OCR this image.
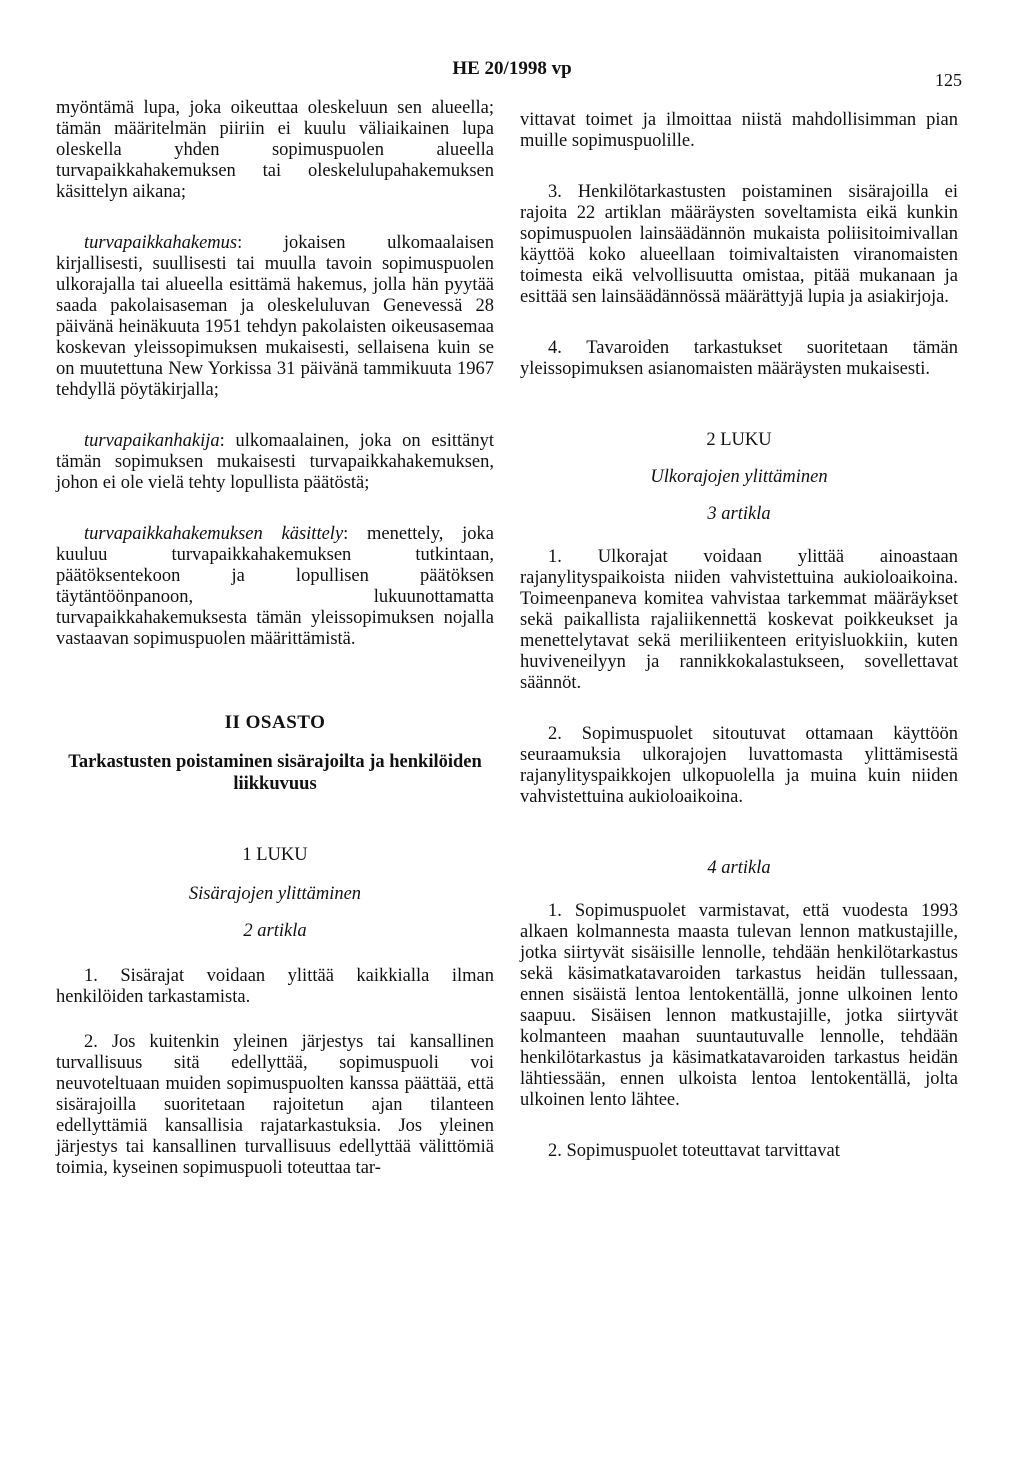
HE 20/1998 vp
125

myöntämä lupa, joka oikeuttaa oleskeluun sen alueella; tämän määritelmän piiriin ei kuulu väliaikainen lupa oleskella yhden sopimuspuolen alueella turvapaikkahakemuksen tai oleskelulupahakemuksen käsittelyn aikana;

turvapaikkahakemus: jokaisen ulkomaalaisen kirjallisesti, suullisesti tai muulla tavoin sopimuspuolen ulkorajalla tai alueella esittämä hakemus, jolla hän pyytää saada pakolaisaseman ja oleskeluluvan Genevessä 28 päivänä heinäkuuta 1951 tehdyn pakolaisten oikeusasemaa koskevan yleissopimuksen mukaisesti, sellaisena kuin se on muutettuna New Yorkissa 31 päivänä tammikuuta 1967 tehdyllä pöytäkirjalla;

turvapaikanhakija: ulkomaalainen, joka on esittänyt tämän sopimuksen mukaisesti turvapaikkahakemuksen, johon ei ole vielä tehty lopullista päätöstä;

turvapaikkahakemuksen käsittely: menettely, joka kuuluu turvapaikkahakemuksen tutkintaan, päätöksentekoon ja lopullisen päätöksen täytäntöönpanoon, lukuunottamatta turvapaikkahakemuksesta tämän yleissopimuksen nojalla vastaavan sopimuspuolen määrittämistä.

II OSASTO
Tarkastusten poistaminen sisärajoilta ja henkilöiden liikkuvuus
1 LUKU
Sisärajojen ylittäminen
2 artikla

1. Sisärajat voidaan ylittää kaikkialla ilman henkilöiden tarkastamista.

2. Jos kuitenkin yleinen järjestys tai kansallinen turvallisuus sitä edellyttää, sopimuspuoli voi neuvoteltuaan muiden sopimuspuolten kanssa päättää, että sisärajoilla suoritetaan rajoitetun ajan tilanteen edellyttämiä kansallisia rajatarkastuksia. Jos yleinen järjestys tai kansallinen turvallisuus edellyttää välittömiä toimia, kyseinen sopimuspuoli toteuttaa tar-

vittavat toimet ja ilmoittaa niistä mahdollisimman pian muille sopimuspuolille.

3. Henkilötarkastusten poistaminen sisärajoilla ei rajoita 22 artiklan määräysten soveltamista eikä kunkin sopimuspuolen lainsäädännön mukaista poliisitoimivallan käyttöä koko alueellaan toimivaltaisten viranomaisten toimesta eikä velvollisuutta omistaa, pitää mukanaan ja esittää sen lainsäädännössä määrättyjä lupia ja asiakirjoja.

4. Tavaroiden tarkastukset suoritetaan tämän yleissopimuksen asianomaisten määräysten mukaisesti.

2 LUKU
Ulkorajojen ylittäminen
3 artikla

1. Ulkorajat voidaan ylittää ainoastaan rajanylityspaikoista niiden vahvistettuina aukioloaikoina. Toimeenpaneva komitea vahvistaa tarkemmat määräykset sekä paikallista rajaliikennettä koskevat poikkeukset ja menettelytavat sekä meriliikenteen erityisluokkiin, kuten huviveneilyyn ja rannikkokalastukseen, sovellettavat säännöt.

2. Sopimuspuolet sitoutuvat ottamaan käyttöön seuraamuksia ulkorajojen luvattomasta ylittämisestä rajanylityspaikkojen ulkopuolella ja muina kuin niiden vahvistettuina aukioloaikoina.

4 artikla

1. Sopimuspuolet varmistavat, että vuodesta 1993 alkaen kolmannesta maasta tulevan lennon matkustajille, jotka siirtyvät sisäisille lennolle, tehdään henkilötarkastus sekä käsimatkatavaroiden tarkastus heidän tullessaan, ennen sisäistä lentoa lentokentällä, jonne ulkoinen lento saapuu. Sisäisen lennon matkustajille, jotka siirtyvät kolmanteen maahan suuntautuvalle lennolle, tehdään henkilötarkastus ja käsimatkatavaroiden tarkastus heidän lähtiessään, ennen ulkoista lentoa lentokentällä, jolta ulkoinen lento lähtee.

2. Sopimuspuolet toteuttavat tarvittavat
